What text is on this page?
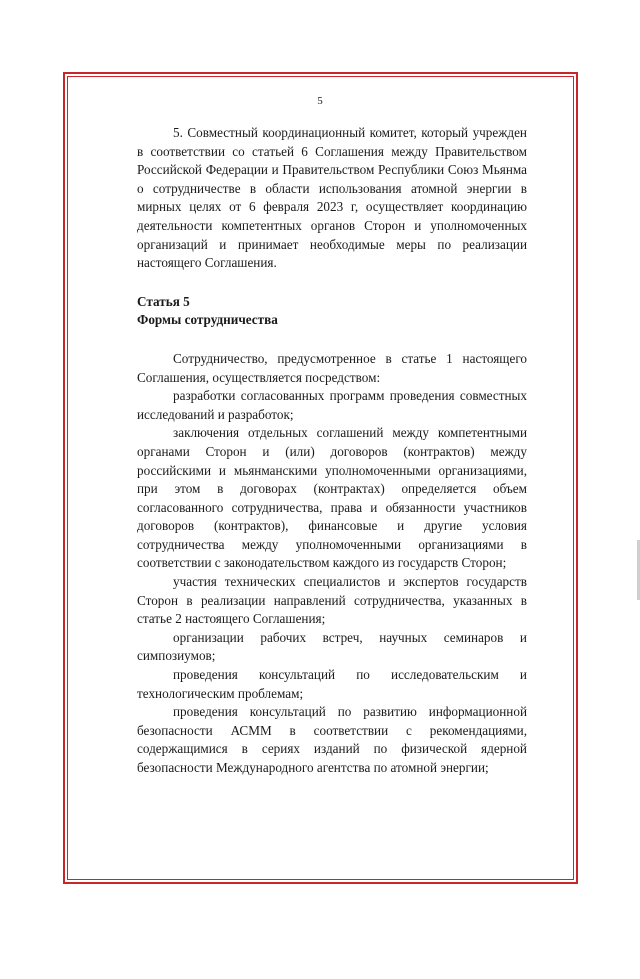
5

5. Совместный координационный комитет, который учрежден в соответствии со статьей 6 Соглашения между Правительством Российской Федерации и Правительством Республики Союз Мьянма о сотрудничестве в области использования атомной энергии в мирных целях от 6 февраля 2023 г, осуществляет координацию деятельности компетентных органов Сторон и уполномоченных организаций и принимает необходимые меры по реализации настоящего Соглашения.

Статья 5

Формы сотрудничества

Сотрудничество, предусмотренное в статье 1 настоящего Соглашения, осуществляется посредством:

разработки согласованных программ проведения совместных исследований и разработок;

заключения отдельных соглашений между компетентными органами Сторон и (или) договоров (контрактов) между российскими и мьянманскими уполномоченными организациями, при этом в договорах (контрактах) определяется объем согласованного сотрудничества, права и обязанности участников договоров (контрактов), финансовые и другие условия сотрудничества между уполномоченными организациями в соответствии с законодательством каждого из государств Сторон;

участия технических специалистов и экспертов государств Сторон в реализации направлений сотрудничества, указанных в статье 2 настоящего Соглашения;

организации рабочих встреч, научных семинаров и симпозиумов;

проведения консультаций по исследовательским и технологическим проблемам;

проведения консультаций по развитию информационной безопасности АСММ в соответствии с рекомендациями, содержащимися в сериях изданий по физической ядерной безопасности Международного агентства по атомной энергии;
